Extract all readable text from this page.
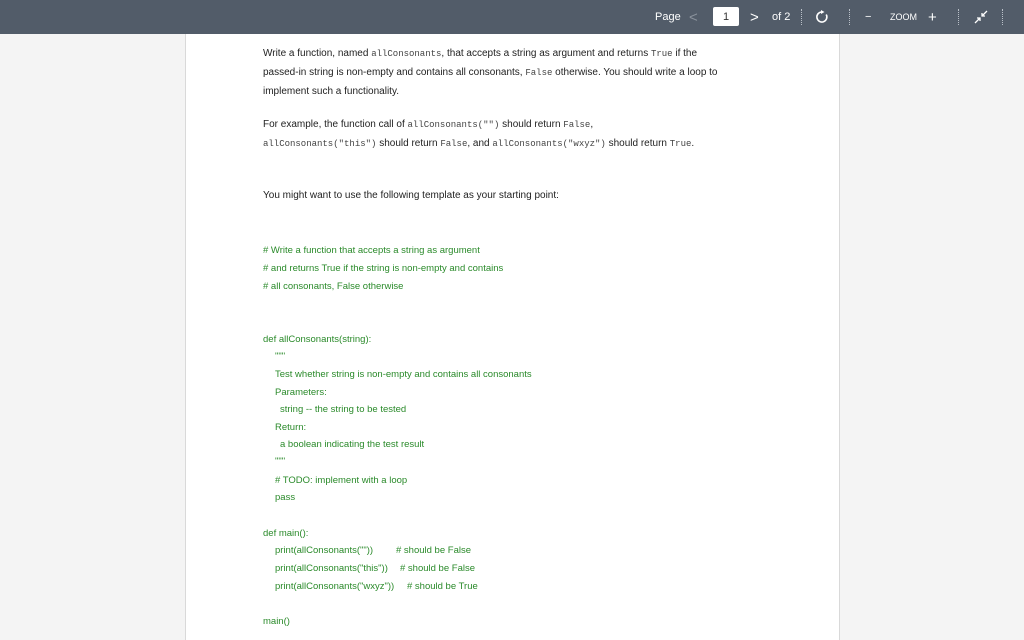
Page <	1	> of 2	− ZOOM +
Write a function, named allConsonants, that accepts a string as argument and returns True if the
passed-in string is non-empty and contains all consonants, False otherwise. You should write a loop to
implement such a functionality.
For example, the function call of allConsonants("") should return False,
allConsonants("this") should return False, and allConsonants("wxyz") should return True.
You might want to use the following template as your starting point:
# Write a function that accepts a string as argument
# and returns True if the string is non-empty and contains
# all consonants, False otherwise
def allConsonants(string):
"""
Test whether string is non-empty and contains all consonants
Parameters:
string -- the string to be tested
Return:
a boolean indicating the test result
"""
# TODO: implement with a loop
pass
def main():
print(allConsonants("")) # should be False
print(allConsonants("this")) # should be False
print(allConsonants("wxyz")) # should be True
main()
